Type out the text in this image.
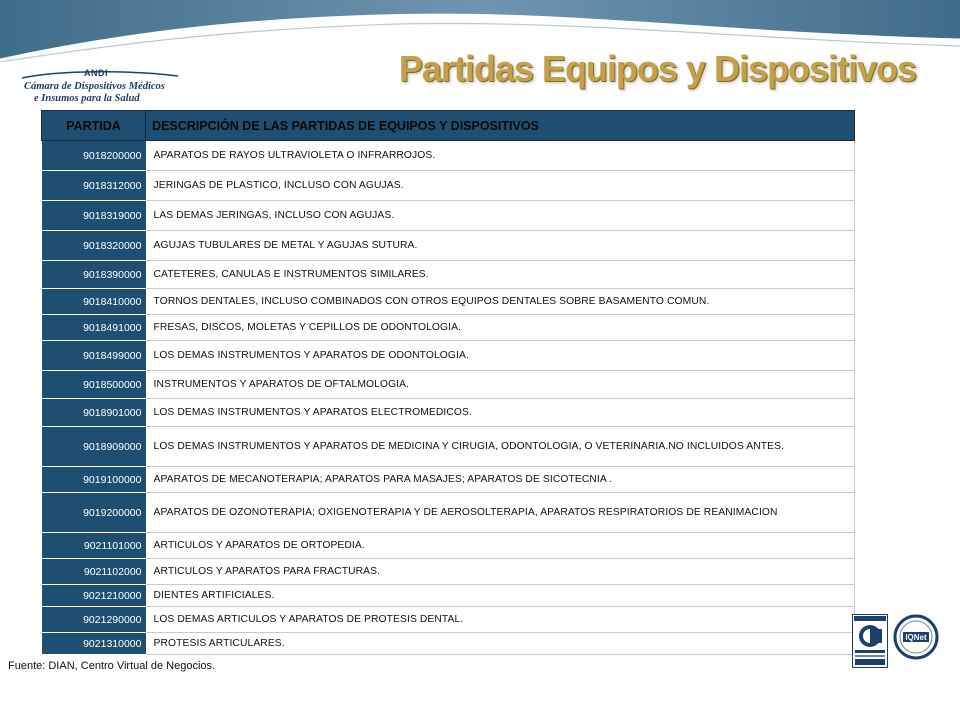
ANDI
Cámara de Dispositivos Médicos
e Insumos para la Salud
Partidas Equipos y Dispositivos
PARTIDA	DESCRIPCIÓN DE LAS PARTIDAS DE EQUIPOS Y DISPOSITIVOS
9018200000	APARATOS DE RAYOS ULTRAVIOLETA O INFRARROJOS.
9018312000	JERINGAS DE PLASTICO, INCLUSO CON AGUJAS.
9018319000	LAS DEMAS JERINGAS, INCLUSO CON AGUJAS.
9018320000	AGUJAS TUBULARES DE METAL Y AGUJAS SUTURA.
9018390000	CATETERES, CANULAS E INSTRUMENTOS SIMILARES.
9018410000	TORNOS DENTALES, INCLUSO COMBINADOS CON OTROS EQUIPOS DENTALES SOBRE BASAMENTO COMUN.
9018491000	FRESAS, DISCOS, MOLETAS Y CEPILLOS DE ODONTOLOGIA.
9018499000	LOS DEMAS INSTRUMENTOS Y APARATOS DE ODONTOLOGIA.
9018500000	INSTRUMENTOS Y APARATOS DE OFTALMOLOGIA.
9018901000	LOS DEMAS INSTRUMENTOS Y APARATOS ELECTROMEDICOS.
9018909000	LOS DEMAS INSTRUMENTOS Y APARATOS DE MEDICINA Y CIRUGIA, ODONTOLOGIA, O VETERINARIA.NO INCLUIDOS ANTES.
9019100000	APARATOS DE MECANOTERAPIA; APARATOS PARA MASAJES; APARATOS DE SICOTECNIA .
9019200000	APARATOS DE OZONOTERAPIA; OXIGENOTERAPIA Y DE AEROSOLTERAPIA, APARATOS RESPIRATORIOS DE REANIMACION
9021101000	ARTICULOS Y APARATOS DE ORTOPEDIA.
9021102000	ARTICULOS Y APARATOS PARA FRACTURAS.
9021210000	DIENTES ARTIFICIALES.
9021290000	LOS DEMAS ARTICULOS Y APARATOS DE PROTESIS DENTAL.
9021310000	PROTESIS ARTICULARES.
Fuente: DIAN, Centro Virtual de Negocios.
IQNet
